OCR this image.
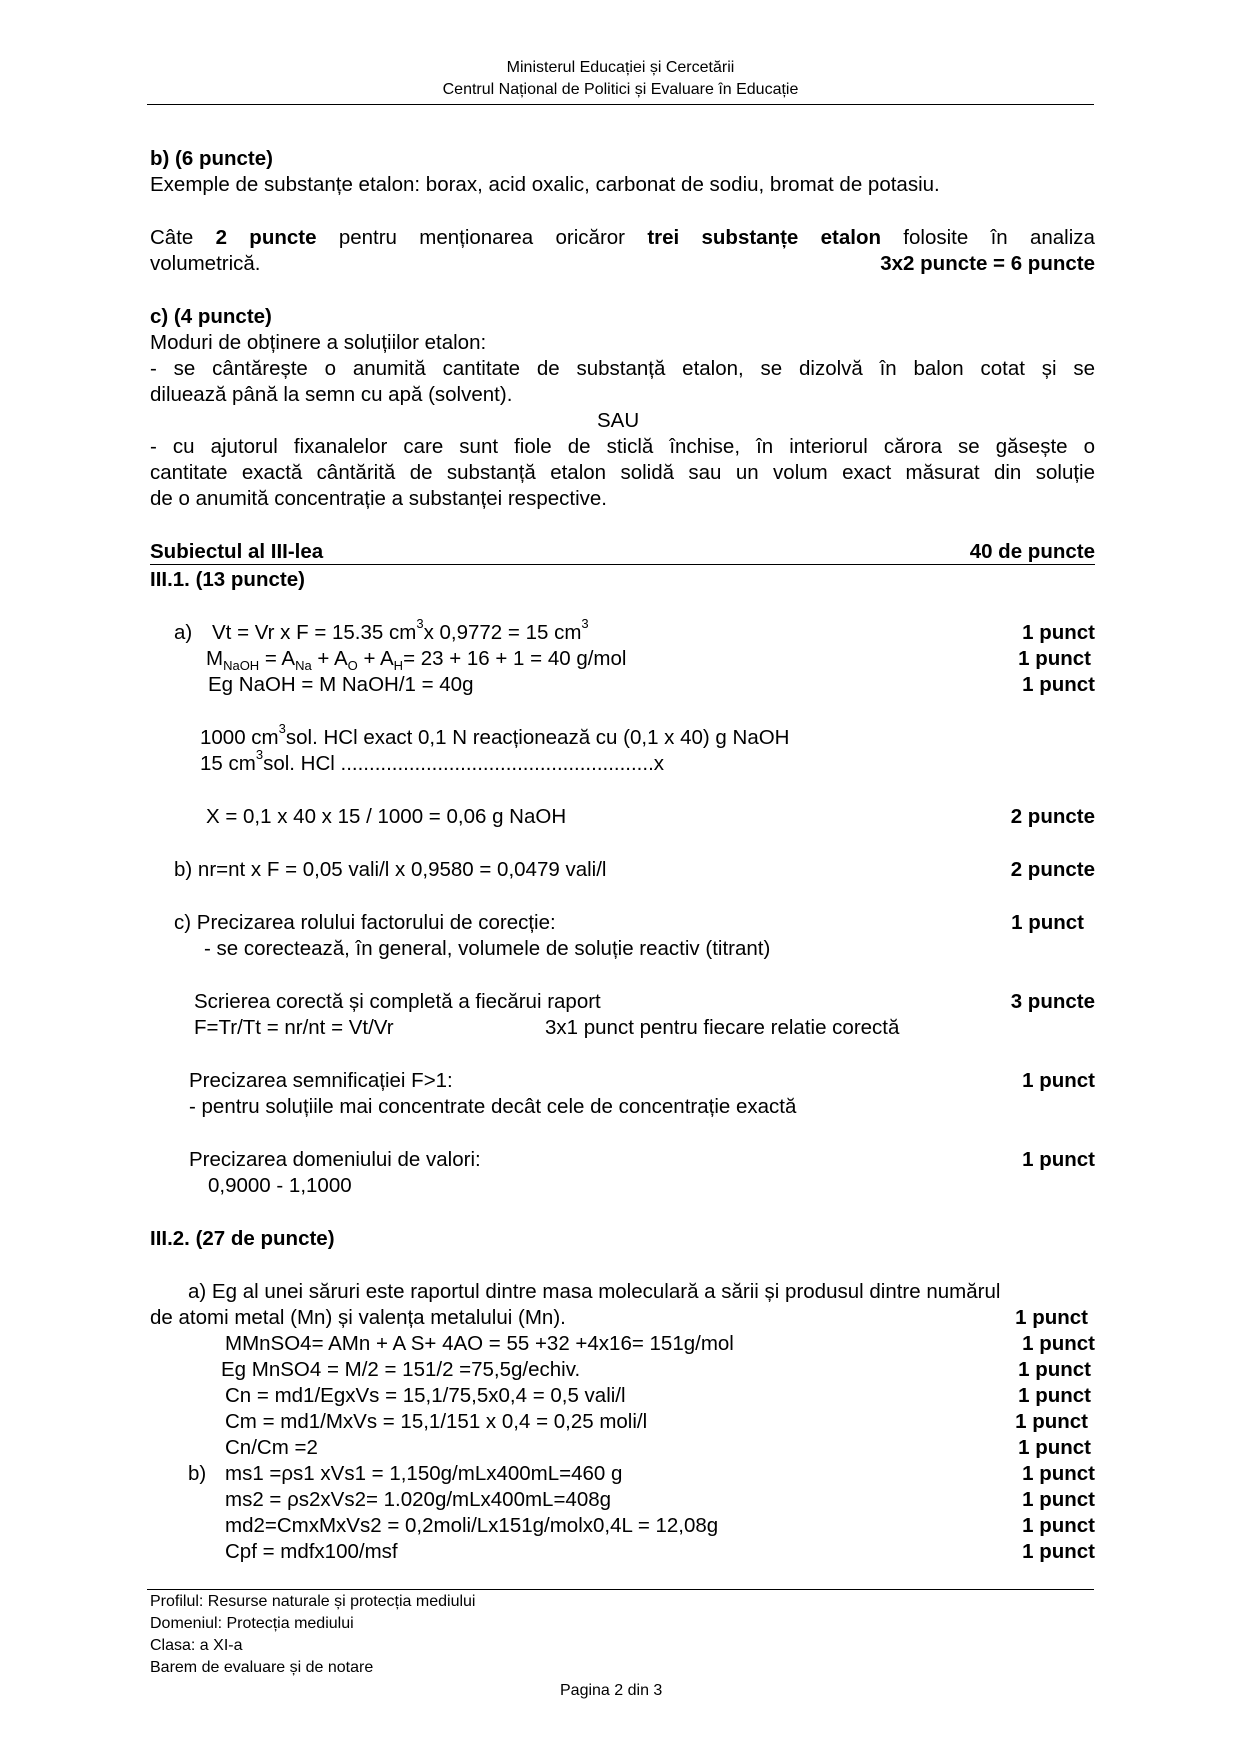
Ministerul Educației și Cercetării
Centrul Național de Politici și Evaluare în Educație
b) (6 puncte)
Exemple de substanțe etalon: borax, acid oxalic, carbonat de sodiu, bromat de potasiu.
Câte 2 puncte pentru menționarea oricăror trei substanțe etalon folosite în analiza
volumetrică.	3x2 puncte = 6 puncte
c) (4 puncte)
Moduri de obținere a soluțiilor etalon:
- se cântărește o anumită cantitate de substanță etalon, se dizolvă în balon cotat și se
diluează până la semn cu apă (solvent).
SAU
- cu ajutorul fixanalelor care sunt fiole de sticlă închise, în interiorul cărora se găsește o
cantitate exactă cântărită de substanță etalon solidă sau un volum exact măsurat din soluție
de o anumită concentrație a substanței respective.
Subiectul al III-lea	40 de puncte
III.1. (13 puncte)
a) Vt = Vr x F = 15.35 $cm^3x$ 0,9772 = 15 $cm^3$	1 punct
$M_{NaOH} = A_{Na} + A_O + A_H= 23 + 16 + 1 = 40$ g/mol	1 punct
Eg NaOH = M NaOH/1 = 40g	1 punct
1000 $cm^3sol$. HCl exact 0,1 N reacționează cu (0,1 x 40) g NaOH
15 $cm^3sol$. HCl .......................................................x
X = 0,1 x 40 x 15 / 1000 = 0,06 g NaOH	2 puncte
b) nr=nt x F = 0,05 vali/l x 0,9580 = 0,0479 vali/l	2 puncte
c) Precizarea rolului factorului de corecție:	1 punct
- se corectează, în general, volumele de soluție reactiv (titrant)
Scrierea corectă și completă a fiecărui raport	3 puncte
F=Tr/Tt = nr/nt = Vt/Vr	3x1 punct pentru fiecare relatie corectă
Precizarea semnificației F>1:	1 punct
- pentru soluțiile mai concentrate decât cele de concentrație exactă
Precizarea domeniului de valori:	1 punct
0,9000 - 1,1000
III.2. (27 de puncte)
a) Eg al unei săruri este raportul dintre masa moleculară a sării și produsul dintre numărul
de atomi metal (Mn) și valența metalului (Mn).	1 punct
MMnSO4= AMn + A S+ 4AO = 55 +32 +4x16= 151g/mol	1 punct
Eg MnSO4 = M/2 = 151/2 =75,5g/echiv.	1 punct
Cn = md1/EgxVs = 15,1/75,5x0,4 = 0,5 vali/l	1 punct
Cm = md1/MxVs = 15,1/151 x 0,4 = 0,25 moli/l	1 punct
Cn/Cm =2	1 punct
b) ms1 =ρs1 xVs1 = 1,150g/mLx400mL=460 g	1 punct
ms2 = ρs2xVs2= 1.020g/mLx400mL=408g	1 punct
md2=CmxMxVs2 = 0,2moli/Lx151g/molx0,4L = 12,08g	1 punct
Cpf = mdfx100/msf	1 punct
Profilul: Resurse naturale și protecția mediului
Domeniul: Protecția mediului
Clasa: a XI-a
Barem de evaluare și de notare
Pagina 2 din 3
